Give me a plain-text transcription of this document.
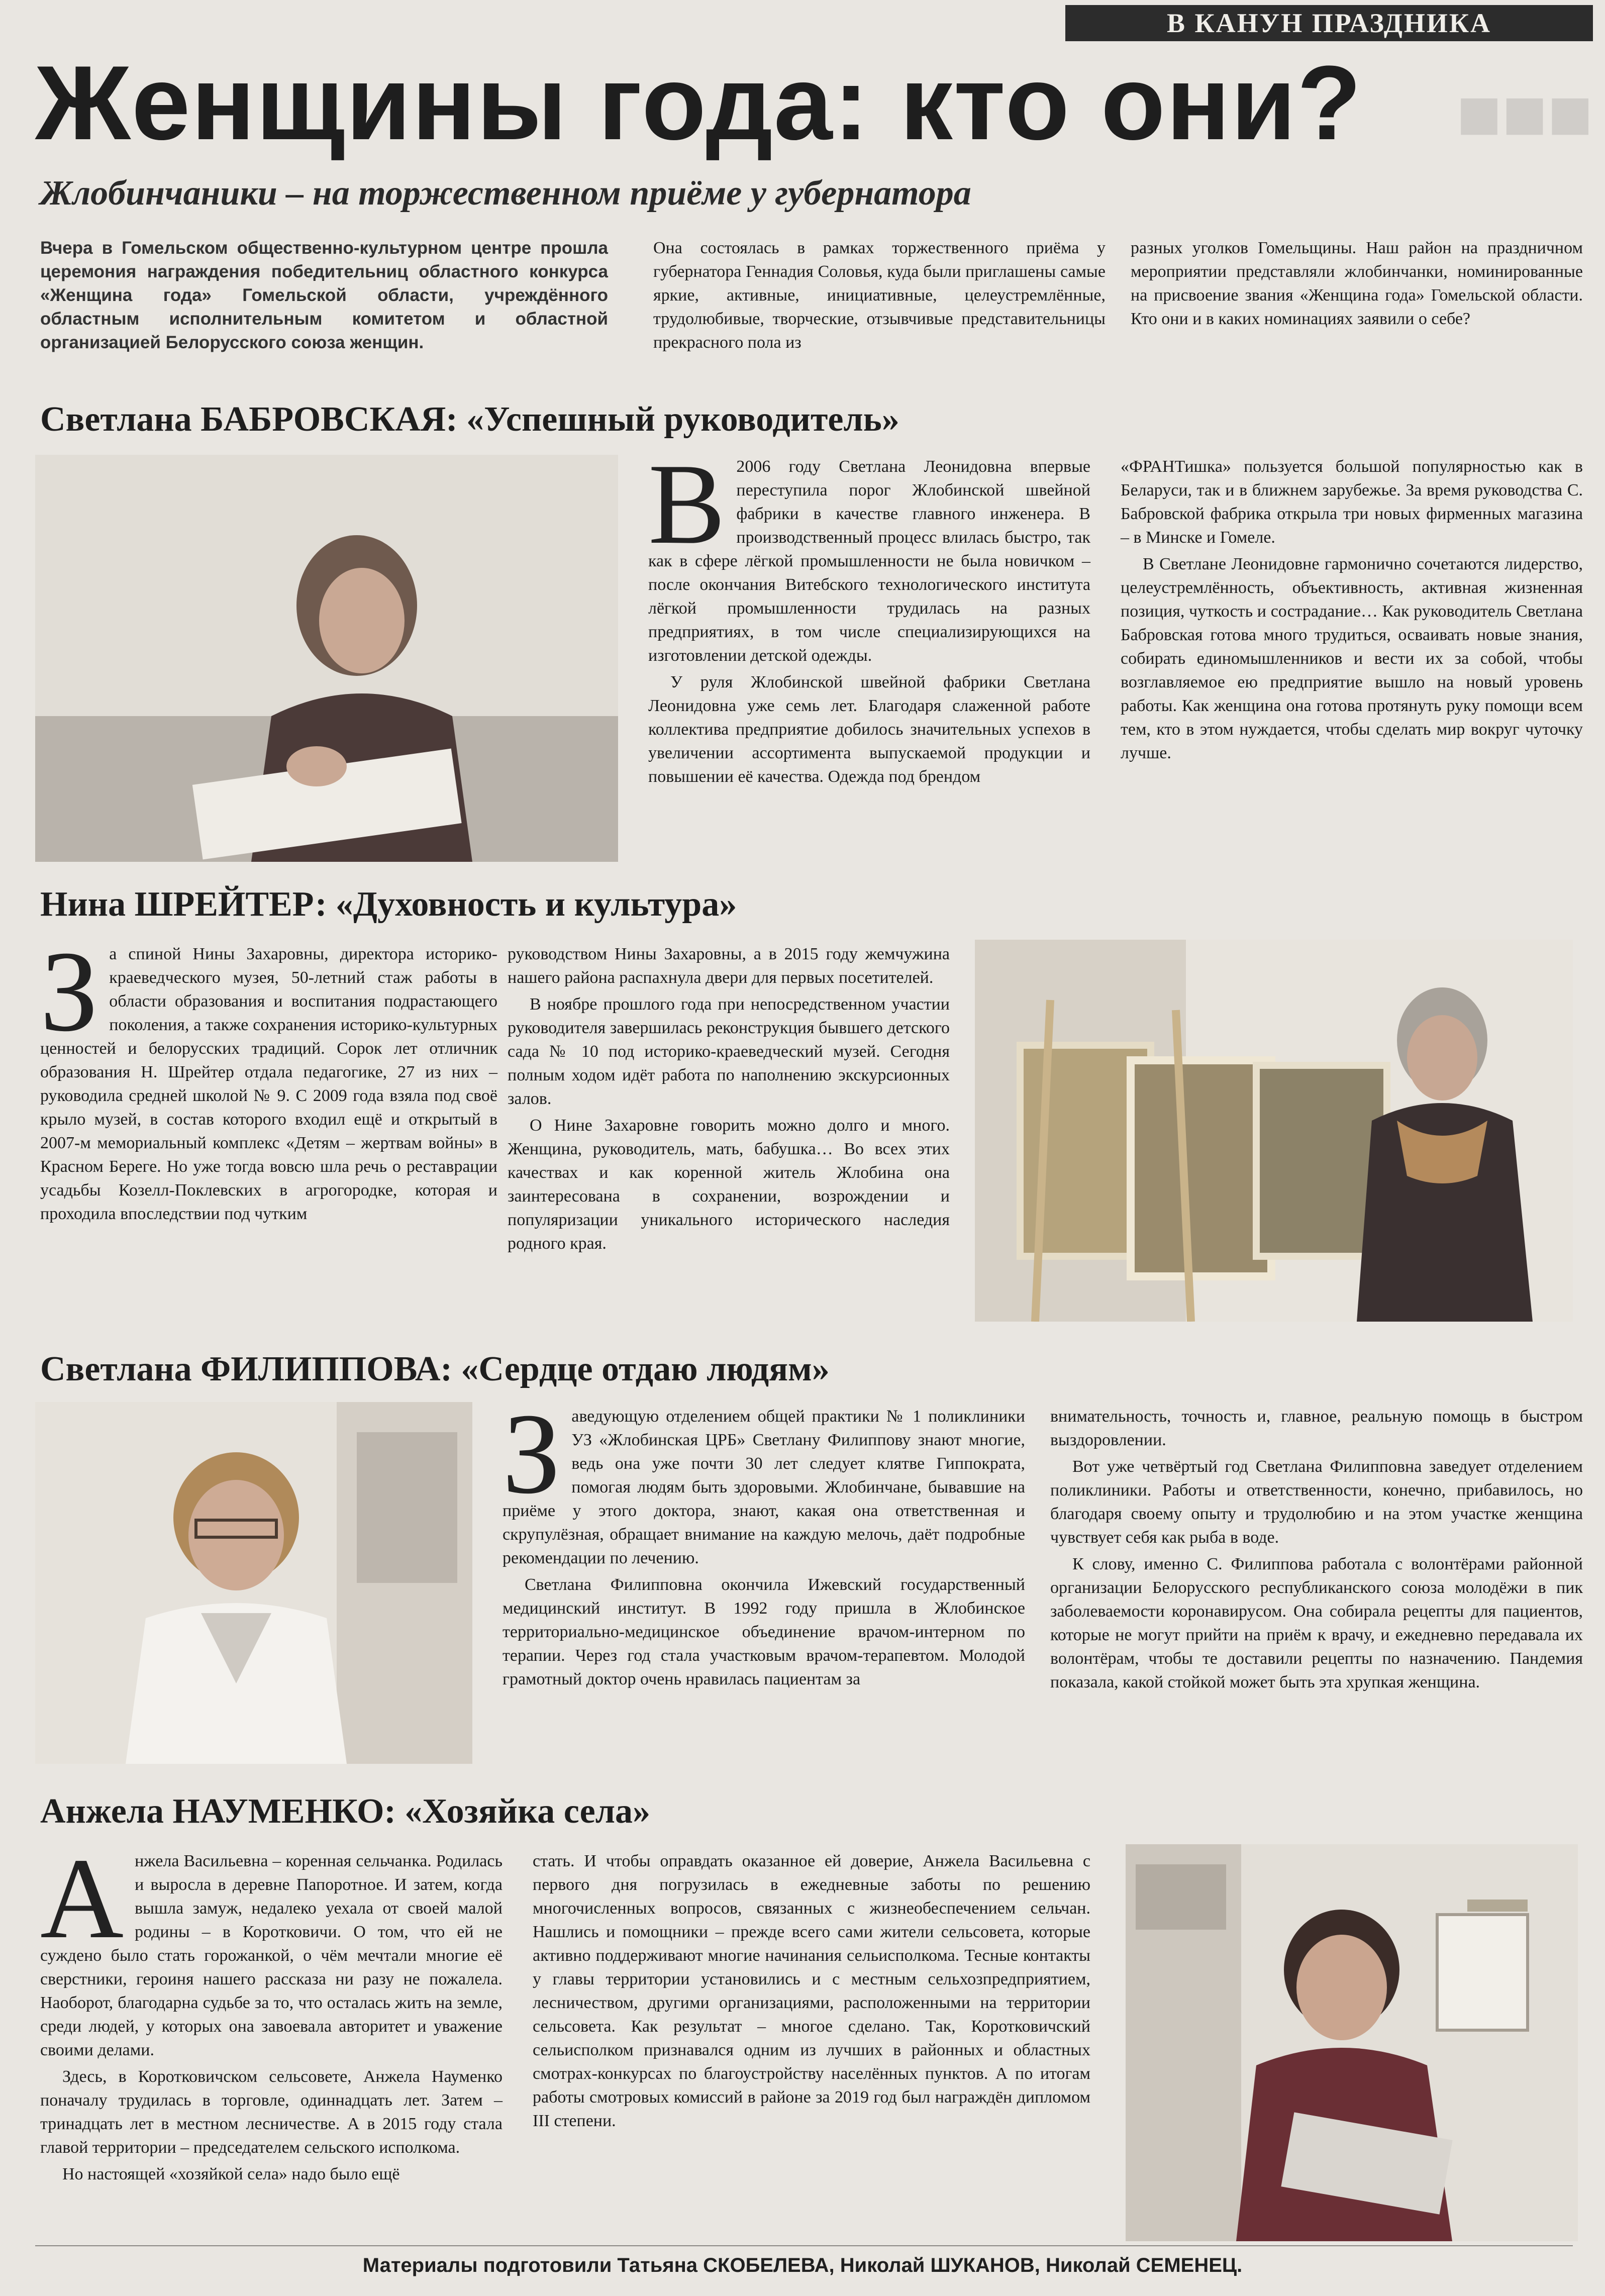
■■■
В КАНУН ПРАЗДНИКА
Женщины года: кто они?
Жлобинчаники – на торжественном приёме у губернатора
Вчера в Гомельском общественно-культурном центре прошла церемония награждения победительниц областного конкурса «Женщина года» Гомельской области, учреждённого областным исполнительным комитетом и областной организацией Белорусского союза женщин.

Она состоялась в рамках торжественного приёма у губернатора Геннадия Соловья, куда были приглашены самые яркие, активные, инициативные, целеустремлённые, трудолюбивые, творческие, отзывчивые представительницы прекрасного пола из

разных уголков Гомельщины. Наш район на праздничном мероприятии представляли жлобинчанки, номинированные на присвоение звания «Женщина года» Гомельской области. Кто они и в каких номинациях заявили о себе?

Светлана БАБРОВСКАЯ: «Успешный руководитель»
В 2006 году Светлана Леонидовна впервые переступила порог Жлобинской швейной фабрики в качестве главного инженера. В производственный процесс влилась быстро, так как в сфере лёгкой промышленности не была новичком – после окончания Витебского технологического института лёгкой промышленности трудилась на разных предприятиях, в том числе специализирующихся на изготовлении детской одежды.

У руля Жлобинской швейной фабрики Светлана Леонидовна уже семь лет. Благодаря слаженной работе коллектива предприятие добилось значительных успехов в увеличении ассортимента выпускаемой продукции и повышении её качества. Одежда под брендом

«ФРАНТишка» пользуется большой популярностью как в Беларуси, так и в ближнем зарубежье. За время руководства С. Бабровской фабрика открыла три новых фирменных магазина – в Минске и Гомеле.

В Светлане Леонидовне гармонично сочетаются лидерство, целеустремлённость, объективность, активная жизненная позиция, чуткость и сострадание… Как руководитель Светлана Бабровская готова много трудиться, осваивать новые знания, собирать единомышленников и вести их за собой, чтобы возглавляемое ею предприятие вышло на новый уровень работы. Как женщина она готова протянуть руку помощи всем тем, кто в этом нуждается, чтобы сделать мир вокруг чуточку лучше.

Нина ШРЕЙТЕР: «Духовность и культура»
З а спиной Нины Захаровны, директора историко-краеведческого музея, 50-летний стаж работы в области образования и воспитания подрастающего поколения, а также сохранения историко-культурных ценностей и белорусских традиций. Сорок лет отличник образования Н. Шрейтер отдала педагогике, 27 из них – руководила средней школой № 9. С 2009 года взяла под своё крыло музей, в состав которого входил ещё и открытый в 2007-м мемориальный комплекс «Детям – жертвам войны» в Красном Береге. Но уже тогда вовсю шла речь о реставрации усадьбы Козелл-Поклевских в агрогородке, которая и проходила впоследствии под чутким

руководством Нины Захаровны, а в 2015 году жемчужина нашего района распахнула двери для первых посетителей.

В ноябре прошлого года при непосредственном участии руководителя завершилась реконструкция бывшего детского сада № 10 под историко-краеведческий музей. Сегодня полным ходом идёт работа по наполнению экскурсионных залов.

О Нине Захаровне говорить можно долго и много. Женщина, руководитель, мать, бабушка… Во всех этих качествах и как коренной житель Жлобина она заинтересована в сохранении, возрождении и популяризации уникального исторического наследия родного края.

Светлана ФИЛИППОВА: «Сердце отдаю людям»
З аведующую отделением общей практики № 1 поликлиники УЗ «Жлобинская ЦРБ» Светлану Филиппову знают многие, ведь она уже почти 30 лет следует клятве Гиппократа, помогая людям быть здоровыми. Жлобинчане, бывавшие на приёме у этого доктора, знают, какая она ответственная и скрупулёзная, обращает внимание на каждую мелочь, даёт подробные рекомендации по лечению.

Светлана Филипповна окончила Ижевский государственный медицинский институт. В 1992 году пришла в Жлобинское территориально-медицинское объединение врачом-интерном по терапии. Через год стала участковым врачом-терапевтом. Молодой грамотный доктор очень нравилась пациентам за

внимательность, точность и, главное, реальную помощь в быстром выздоровлении.

Вот уже четвёртый год Светлана Филипповна заведует отделением поликлиники. Работы и ответственности, конечно, прибавилось, но благодаря своему опыту и трудолюбию и на этом участке женщина чувствует себя как рыба в воде.

К слову, именно С. Филиппова работала с волонтёрами районной организации Белорусского республиканского союза молодёжи в пик заболеваемости коронавирусом. Она собирала рецепты для пациентов, которые не могут прийти на приём к врачу, и ежедневно передавала их волонтёрам, чтобы те доставили рецепты по назначению. Пандемия показала, какой стойкой может быть эта хрупкая женщина.

Анжела НАУМЕНКО: «Хозяйка села»
А нжела Васильевна – коренная сельчанка. Родилась и выросла в деревне Папоротное. И затем, когда вышла замуж, недалеко уехала от своей малой родины – в Коротковичи. О том, что ей не суждено было стать горожанкой, о чём мечтали многие её сверстники, героиня нашего рассказа ни разу не пожалела. Наоборот, благодарна судьбе за то, что осталась жить на земле, среди людей, у которых она завоевала авторитет и уважение своими делами.

Здесь, в Коротковичском сельсовете, Анжела Науменко поначалу трудилась в торговле, одиннадцать лет. Затем – тринадцать лет в местном лесничестве. А в 2015 году стала главой территории – председателем сельского исполкома.

Но настоящей «хозяйкой села» надо было ещё

стать. И чтобы оправдать оказанное ей доверие, Анжела Васильевна с первого дня погрузилась в ежедневные заботы по решению многочисленных вопросов, связанных с жизнеобеспечением сельчан. Нашлись и помощники – прежде всего сами жители сельсовета, которые активно поддерживают многие начинания сельисполкома. Тесные контакты у главы территории установились и с местным сельхозпредприятием, лесничеством, другими организациями, расположенными на территории сельсовета. Как результат – многое сделано. Так, Коротковичский сельисполком признавался одним из лучших в районных и областных смотрах-конкурсах по благоустройству населённых пунктов. А по итогам работы смотровых комиссий в районе за 2019 год был награждён дипломом III степени.

Материалы подготовили Татьяна СКОБЕЛЕВА, Николай ШУКАНОВ, Николай СЕМЕНЕЦ.
